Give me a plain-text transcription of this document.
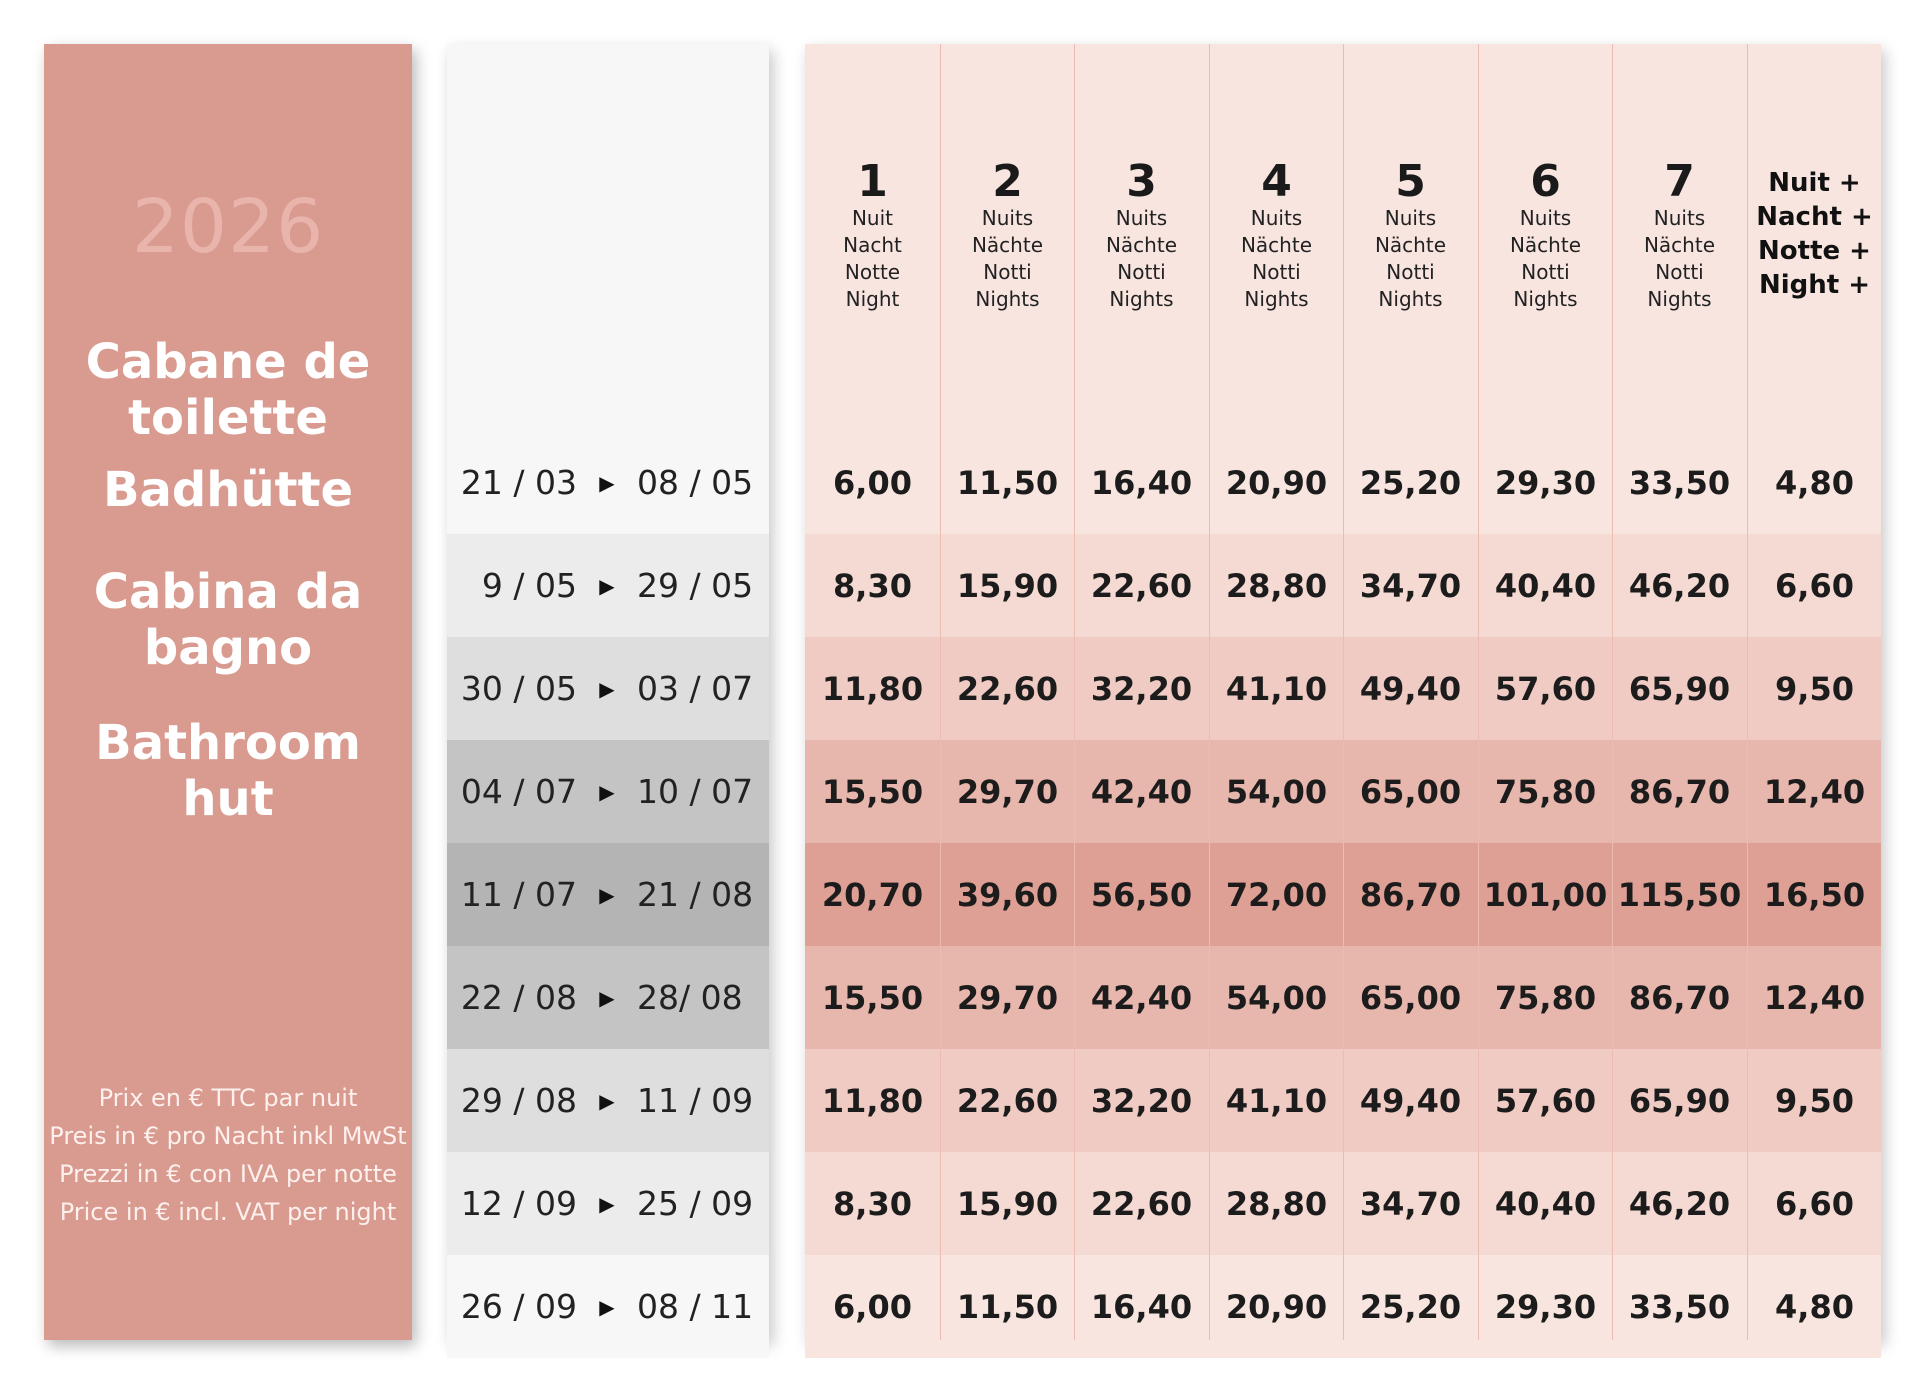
2026
Cabane de toilette
Badhütte
Cabina da bagno
Bathroom hut
Prix en € TTC par nuit
Preis in € pro Nacht inkl MwSt
Prezzi in € con IVA per notte
Price in € incl. VAT per night
21 / 03	▶ 08 / 05
9 / 05	▶ 29 / 05
30 / 05	▶ 03 / 07
04 / 07	▶ 10 / 07
11 / 07	▶ 21 / 08
22 / 08	▶ 28/ 08
29 / 08	▶ 11 / 09
12 / 09	▶ 25 / 09
26 / 09	▶ 08 / 11
1
Nuit
Nacht
Notte
Night
2
Nuits
Nächte
Notti
Nights
3
Nuits
Nächte
Notti
Nights
4
Nuits
Nächte
Notti
Nights
5
Nuits
Nächte
Notti
Nights
6
Nuits
Nächte
Notti
Nights
7
Nuits
Nächte
Notti
Nights
Nuit +
Nacht +
Notte +
Night +
6,00	11,50	16,40	20,90	25,20	29,30	33,50	4,80
8,30	15,90	22,60	28,80	34,70	40,40	46,20	6,60
11,80	22,60	32,20	41,10	49,40	57,60	65,90	9,50
15,50	29,70	42,40	54,00	65,00	75,80	86,70	12,40
20,70	39,60	56,50	72,00	86,70 101,00 115,50 16,50
15,50	29,70	42,40	54,00	65,00	75,80	86,70	12,40
11,80	22,60	32,20	41,10	49,40	57,60	65,90	9,50
8,30	15,90	22,60	28,80	34,70	40,40	46,20	6,60
6,00	11,50	16,40	20,90	25,20	29,30	33,50	4,80
